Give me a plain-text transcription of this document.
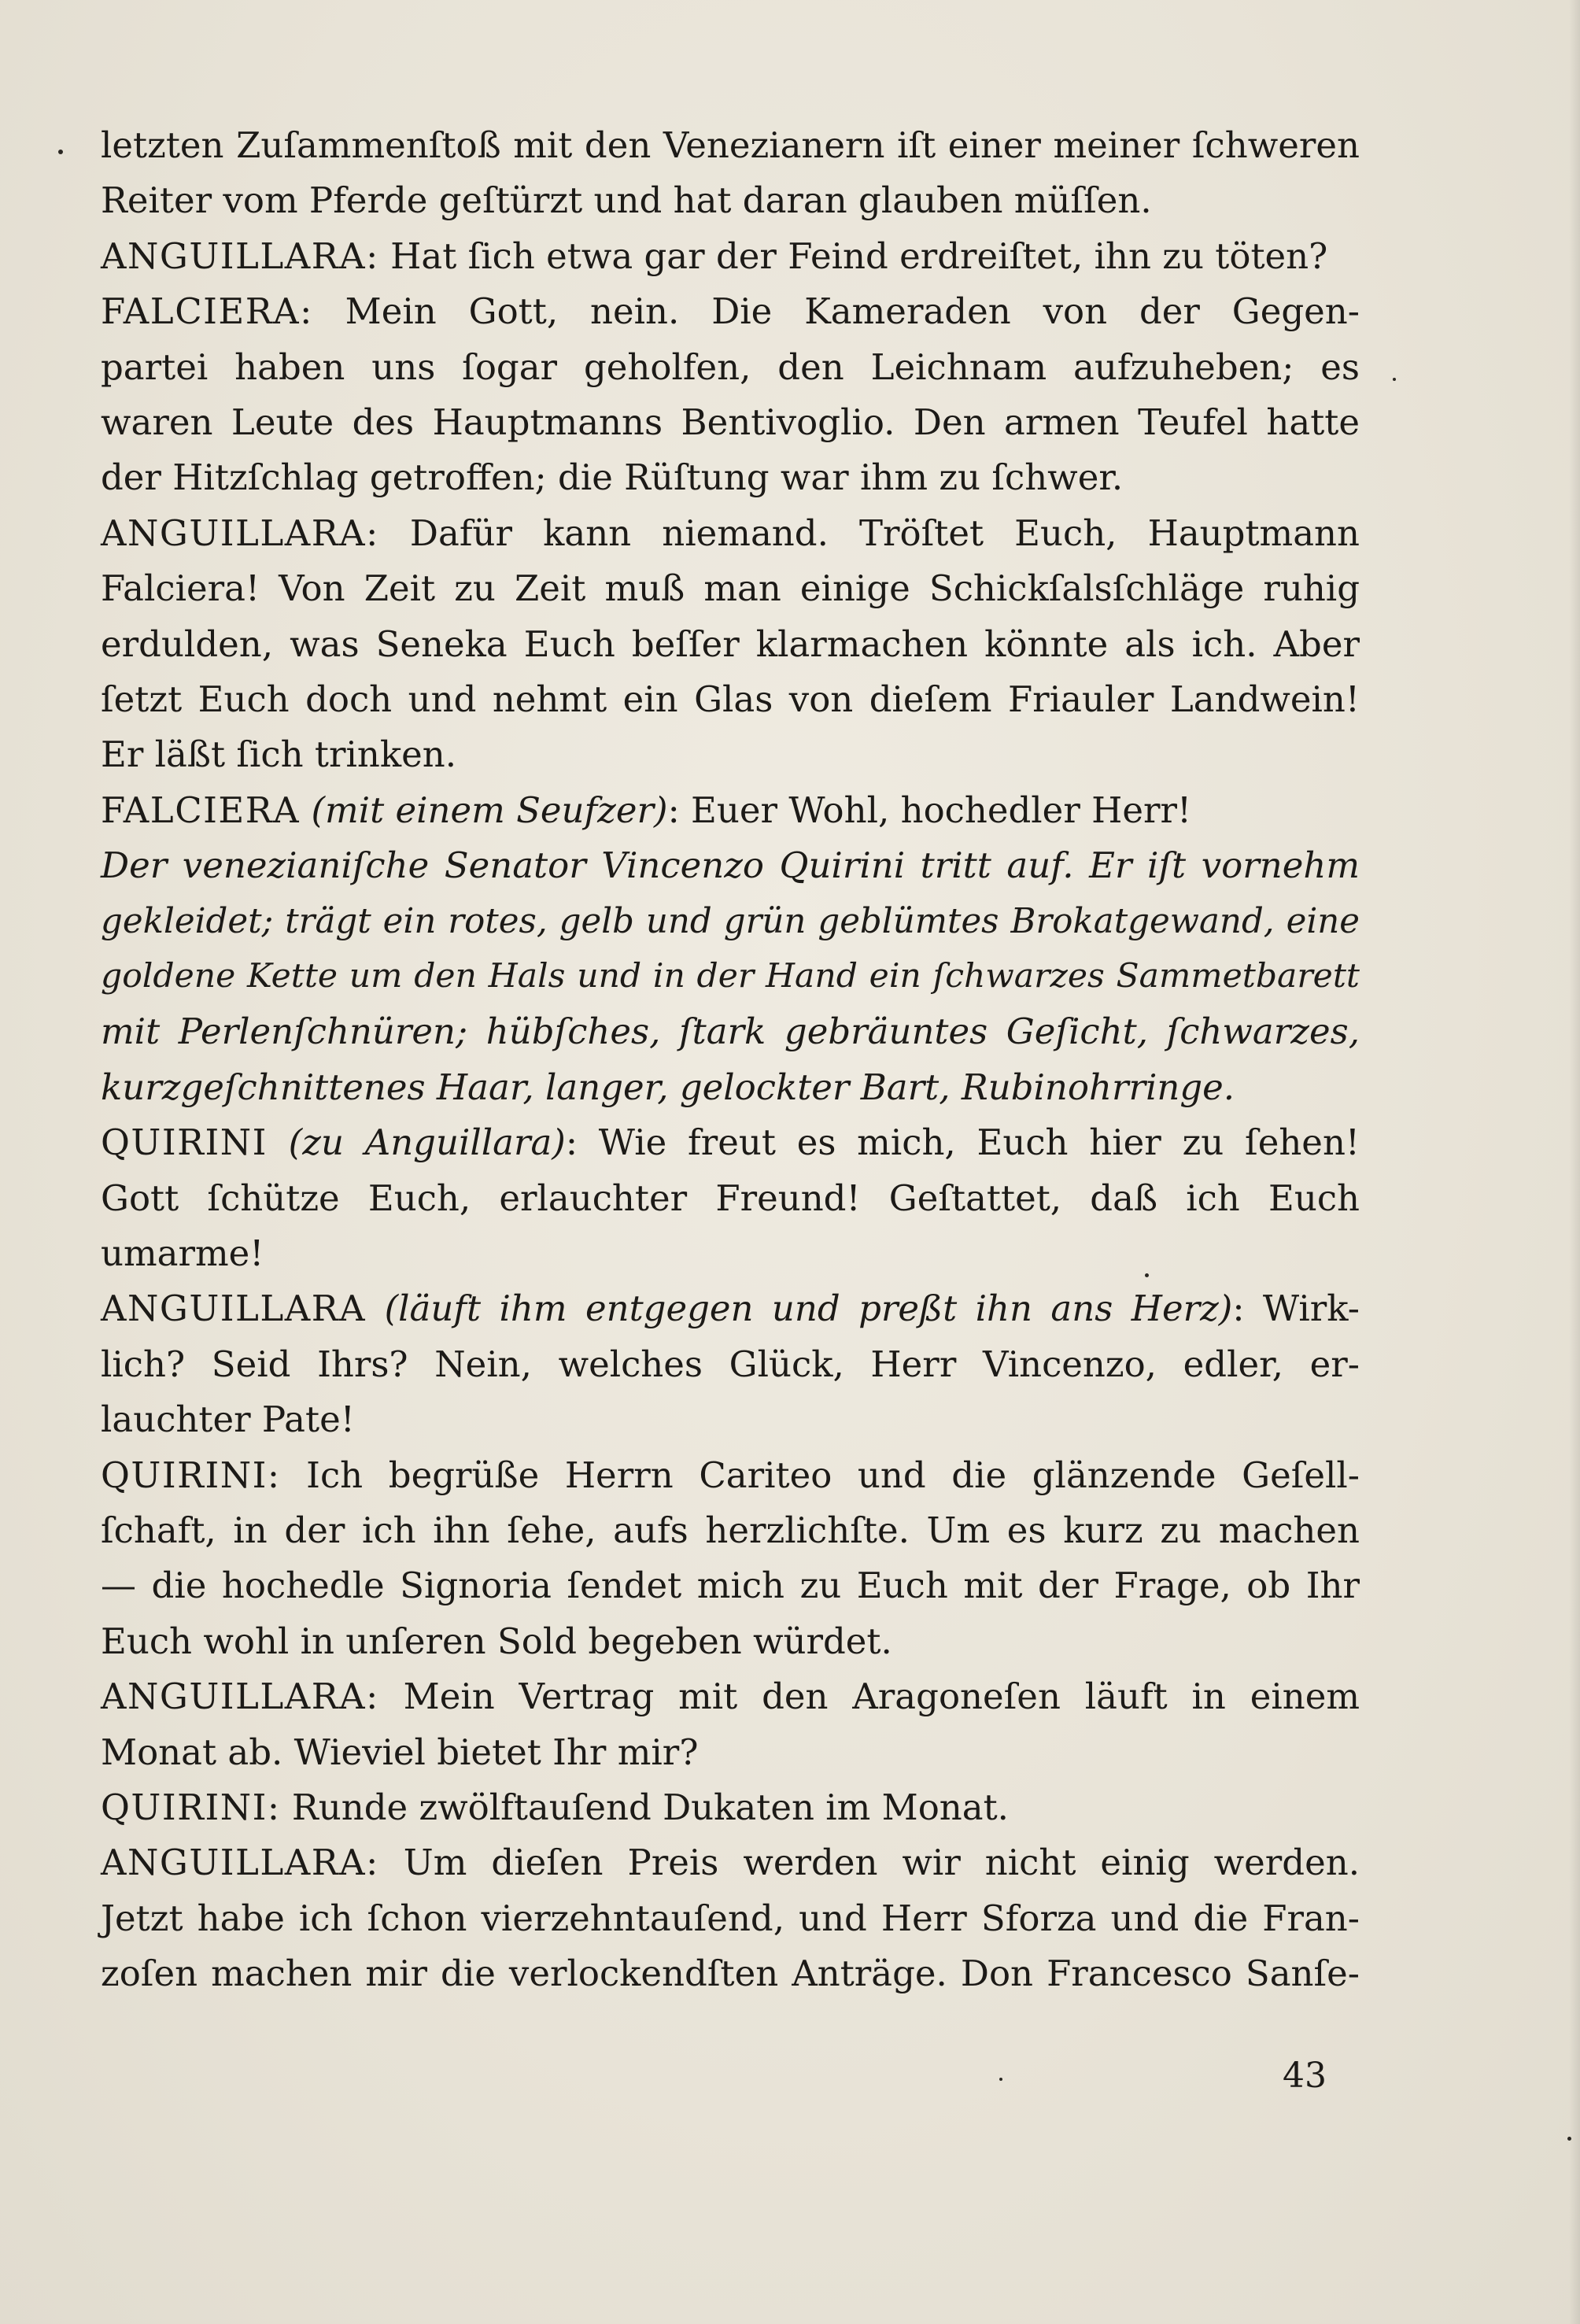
letzten Zuſammenſtoß mit den Venezianern iſt einer meiner ſchweren
Reiter vom Pferde geſtürzt und hat daran glauben müſſen.
ANGUILLARA: Hat ſich etwa gar der Feind erdreiſtet, ihn zu töten?
FALCIERA: Mein Gott, nein. Die Kameraden von der Gegen-
partei haben uns ſogar geholfen, den Leichnam aufzuheben; es
waren Leute des Hauptmanns Bentivoglio. Den armen Teufel hatte
der Hitzſchlag getroffen; die Rüſtung war ihm zu ſchwer.
ANGUILLARA: Dafür kann niemand. Tröſtet Euch, Hauptmann
Falciera! Von Zeit zu Zeit muß man einige Schickſalsſchläge ruhig
erdulden, was Seneka Euch beſſer klarmachen könnte als ich. Aber
ſetzt Euch doch und nehmt ein Glas von dieſem Friauler Landwein!
Er läßt ſich trinken.
FALCIERA (mit einem Seufzer): Euer Wohl, hochedler Herr!
Der venezianiſche Senator Vincenzo Quirini tritt auf. Er iſt vornehm
gekleidet; trägt ein rotes, gelb und grün geblümtes Brokatgewand, eine
goldene Kette um den Hals und in der Hand ein ſchwarzes Sammetbarett
mit Perlenſchnüren; hübſches, ſtark gebräuntes Geſicht, ſchwarzes,
kurzgeſchnittenes Haar, langer, gelockter Bart, Rubinohrringe.
QUIRINI (zu Anguillara): Wie freut es mich, Euch hier zu ſehen!
Gott ſchütze Euch, erlauchter Freund! Geſtattet, daß ich Euch
umarme!
ANGUILLARA (läuft ihm entgegen und preßt ihn ans Herz): Wirk-
lich? Seid Ihrs? Nein, welches Glück, Herr Vincenzo, edler, er-
lauchter Pate!
QUIRINI: Ich begrüße Herrn Cariteo und die glänzende Geſell-
ſchaft, in der ich ihn ſehe, aufs herzlichſte. Um es kurz zu machen
— die hochedle Signoria ſendet mich zu Euch mit der Frage, ob Ihr
Euch wohl in unſeren Sold begeben würdet.
ANGUILLARA: Mein Vertrag mit den Aragoneſen läuft in einem
Monat ab. Wieviel bietet Ihr mir?
QUIRINI: Runde zwölftauſend Dukaten im Monat.
ANGUILLARA: Um dieſen Preis werden wir nicht einig werden.
Jetzt habe ich ſchon vierzehntauſend, und Herr Sforza und die Fran-
zoſen machen mir die verlockendſten Anträge. Don Francesco Sanſe-
43
